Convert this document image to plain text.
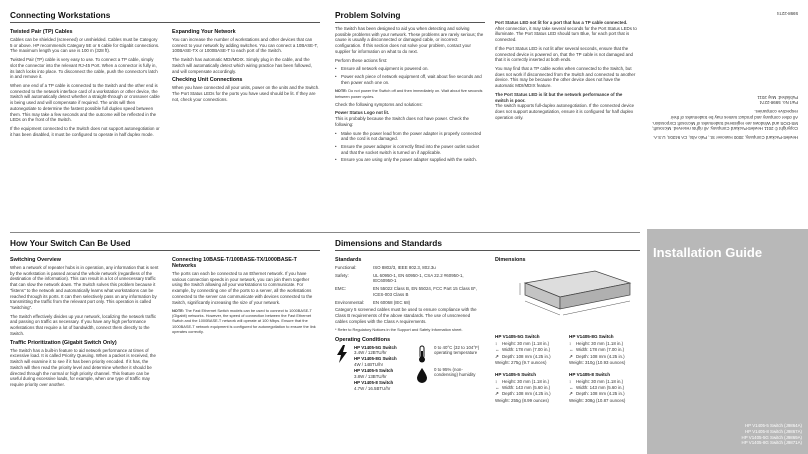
Connecting Workstations
Twisted Pair (TP) Cables
Cables can be shielded (screened) or unshielded. Cables must be Category 5 or above. HP recommends Category 5E or 6 cable for Gigabit connections. The maximum length you can use is 100 m (328 ft).
Twisted Pair (TP) cable is very easy to use. To connect a TP cable, simply slot the connector into the relevant RJ-45 Port. When a connector is fully in, its latch locks into place. To disconnect the cable, push the connector's latch in and remove it.
When one end of a TP cable is connected to the Switch and the other end is connected to the network interface card of a workstation or other device, the Switch will automatically detect whether a straight-through or crossover cable is being used and will compensate if required. The units will then autonegotiate to determine the fastest possible full duplex speed between them. This may take a few seconds and the outcome will be reflected in the LEDs on the front of the Switch.
If the equipment connected to the Switch does not support autonegotiation or it has been disabled, it must be configured to operate in half duplex mode.
Expanding Your Network
You can increase the number of workstations and other devices that can connect to your network by adding switches. You can connect a 10BASE-T, 100BASE-TX or 1000BASE-T to each port of the Switch.
The Switch has automatic MDI/MDIX. Simply plug in the cable, and the Switch will automatically detect which wiring practice has been followed, and will compensate accordingly.
Checking Unit Connections
When you have connected all your units, power on the units and the Switch. The Port Status LEDs for the ports you have used should be lit. If they are not, check your connections.
Problem Solving
The Switch has been designed to aid you when detecting and solving possible problems with your network. These problems are rarely serious; the cause is usually a disconnected or damaged cable, or incorrect configuration. If this section does not solve your problem, contact your supplier for information on what to do next.
Perform these actions first:
• Ensure all network equipment is powered on.
• Power each piece of network equipment off, wait about five seconds and then power each one on.
NOTE: Do not power the Switch off and then immediately on. Wait about five seconds between power cycles.
Check the following symptoms and solutions:
Power Status Logo not lit.
This is probably because the Switch does not have power. Check the following:
• Make sure the power lead from the power adapter is properly connected and the cord is not damaged.
• Ensure the power adapter is correctly fitted into the power outlet socket and that the socket switch is turned on if applicable.
• Ensure you are using only the power adapter supplied with the switch.
Port Status LED not lit for a port that has a TP cable connected.
After connection, it may take several seconds for the Port Status LEDs to illuminate. The Port Status LED should turn Blue, for each port that is connected.
If the Port Status LED is not lit after several seconds, ensure that the connected device is powered on, that the TP cable is not damaged and that it is correctly inserted at both ends.
You may find that a TP cable works when connected to the Switch, but does not work if disconnected from the Switch and connected to another device. This may be because the other device does not have the automatic MDI/MDIX feature.
The Port Status LED is lit but the network performance of the switch is poor.
The switch supports full-duplex autonegotiation. If the connected device does not support autonegotiation, ensure it is configured for half duplex operation only.
Hewlett-Packard Company, 3000 Hanover St., Palo Alto, CA 94304, U.S.A.
Copyright © 2011 Hewlett-Packard Company. All rights reserved. Microsoft, MS-DOS and Windows are registered trademarks of Microsoft Corporation. All other company and product names may be trademarks of their respective companies.
Part No. 5998-2274
Published: May 2011
5998-2274
How Your Switch Can Be Used
Switching Overview
When a network of repeater hubs is in operation, any information that is sent by the workstation is passed around the whole network (regardless of the destination of the information). This can result in a lot of unnecessary traffic that can slow the network down. The Switch solves this problem because it "listens" to the network and automatically learns what workstations can be reached through its ports. It can then selectively pass on any information by transmitting the traffic from the relevant port only. This operation is called "switching".
The Switch effectively divides up your network, localizing the network traffic and passing on traffic as necessary. If you have any high performance workstations that require a lot of bandwidth, connect them directly to the Switch.
Traffic Prioritization (Gigabit Switch Only)
The Switch has a built-in feature to aid network performance at times of excessive load. It is called Priority Queuing. When a packet is received, the Switch will examine it to see if it has been priority encoded. If it has, the Switch will then read the priority level and determine whether it should be directed through the normal or high priority channel. This feature can be useful during excessive loads, for example, when one type of traffic may require priority over another.
Connecting 10BASE-T/100BASE-TX/1000BASE-T Networks
The ports can each be connected to an Ethernet network. If you have various connection speeds in your network, you can join them together using the Switch allowing all your workstations to communicate. For example, by connecting one of the ports to a server, all the workstations connected to the server can communicate with devices connected to the Switch, significantly increasing the size of your network.
NOTE: The Fast Ethernet Switch models can be used to connect to 1000BASE-T (Gigabit) networks. However, the speed of connection between the Fast Ethernet Switch and the 1000BASE-T network will operate at 100 Mbps. Ensure that the 1000BASE-T network equipment is configured for autonegotiation to ensure the link operates correctly.
Dimensions and Standards
Standards
Functional:	ISO 8802/3, IEEE 802.3, 802.3u
Safety:	UL 60950-1, EN 60950-1, CSA 22.2 #60950-1, IEC60950-1
EMC:	EN 55022 Class B, EN 55024, FCC Part 15 Class B*, ICES-003 Class B
Environmental:	EN 60068 (IEC 68)
Category 5 screened cables must be used to ensure compliance with the Class B requirements of the above standards. The use of unscreened cables complies with the Class A requirements.
* Refer to Regulatory Notices in the Support and Safety Information sheet.
Operating Conditions
HP V1405-5G Switch
3.4W / 12BTU/hr
HP V1405-8G Switch
4W / 14BTU/hr
HP V1405-5 Switch
3.8W / 13BTU/hr
HP V1405-8 Switch
4.7W / 16.5BTU/hr
0 to 40°C (32 to 104°F) operating temperature
0 to 95% (non-condensing) humidity
Dimensions
HP V1405-5G Switch
↕ Height: 30 mm (1.18 in.)
↔ Width: 178 mm (7.00 in.)
↗ Depth: 108 mm (4.25 in.)
Weight: 275g (9.7 ounces)
HP V1405-5 Switch
↕ Height: 30 mm (1.18 in.)
↔ Width: 143 mm (5.60 in.)
↗ Depth: 108 mm (4.25 in.)
Weight: 255g (8.99 ounces)
HP V1405-8G Switch
↕ Height: 30 mm (1.18 in.)
↔ Width: 178 mm (7.00 in.)
↗ Depth: 108 mm (4.25 in.)
Weight: 310g (10.93 ounces)
HP V1405-8 Switch
↕ Height: 30 mm (1.18 in.)
↔ Width: 143 mm (5.60 in.)
↗ Depth: 108 mm (4.25 in.)
Weight: 308g (10.87 ounces)
Installation Guide
HP V1405-5 Switch (J9864A)
HP V1405-8 Switch (J9867A)
HP V1405-5G Switch (J9869A)
HP V1405-8G Switch (J9871A)
